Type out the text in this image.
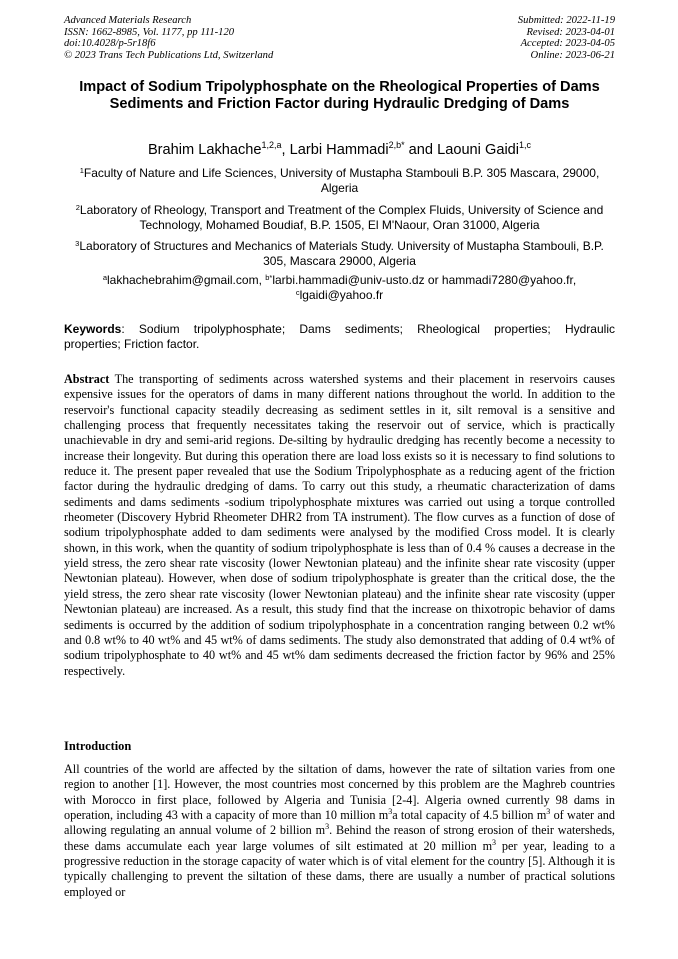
Advanced Materials Research
ISSN: 1662-8985, Vol. 1177, pp 111-120
doi:10.4028/p-5r18f6
© 2023 Trans Tech Publications Ltd, Switzerland
Submitted: 2022-11-19
Revised: 2023-04-01
Accepted: 2023-04-05
Online: 2023-06-21
Impact of Sodium Tripolyphosphate on the Rheological Properties of Dams Sediments and Friction Factor during Hydraulic Dredging of Dams
Brahim Lakhache$^{1,2,a}$, Larbi Hammadi$^{2,b*}$ and Laouni Gaidi$^{1,c}$
$^1$Faculty of Nature and Life Sciences, University of Mustapha Stambouli B.P. 305 Mascara, 29000, Algeria
$^2$Laboratory of Rheology, Transport and Treatment of the Complex Fluids, University of Science and Technology, Mohamed Boudiaf, B.P. 1505, El M'Naour, Oran 31000, Algeria
$^3$Laboratory of Structures and Mechanics of Materials Study. University of Mustapha Stambouli, B.P. 305, Mascara 29000, Algeria
$^a$lakhachebrahim@gmail.com, $^{b*}$larbi.hammadi@univ-usto.dz or hammadi7280@yahoo.fr,
$^c$lgaidi@yahoo.fr
Keywords: Sodium tripolyphosphate; Dams sediments; Rheological properties; Hydraulic
properties; Friction factor.
Abstract The transporting of sediments across watershed systems and their placement in reservoirs causes expensive issues for the operators of dams in many different nations throughout the world. In addition to the reservoir's functional capacity steadily decreasing as sediment settles in it, silt removal is a sensitive and challenging process that frequently necessitates taking the reservoir out of service, which is practically unachievable in dry and semi-arid regions. De-silting by hydraulic dredging has recently become a necessity to increase their longevity. But during this operation there are load loss exists so it is necessary to find solutions to reduce it. The present paper revealed that use the Sodium Tripolyphosphate as a reducing agent of the friction factor during the hydraulic dredging of dams. To carry out this study, a rheumatic characterization of dams sediments and dams sediments -sodium tripolyphosphate mixtures was carried out using a torque controlled rheometer (Discovery Hybrid Rheometer DHR2 from TA instrument). The flow curves as a function of dose of sodium tripolyphosphate added to dam sediments were analysed by the modified Cross model. It is clearly shown, in this work, when the quantity of sodium tripolyphosphate is less than of 0.4 % causes a decrease in the yield stress, the zero shear rate viscosity (lower Newtonian plateau) and the infinite shear rate viscosity (upper Newtonian plateau). However, when dose of sodium tripolyphosphate is greater than the critical dose, the the yield stress, the zero shear rate viscosity (lower Newtonian plateau) and the infinite shear rate viscosity (upper Newtonian plateau) are increased. As a result, this study find that the increase on thixotropic behavior of dams sediments is occurred by the addition of sodium tripolyphosphate in a concentration ranging between 0.2 wt% and 0.8 wt% to 40 wt% and 45 wt% of dams sediments. The study also demonstrated that adding of 0.4 wt% of sodium tripolyphosphate to 40 wt% and 45 wt% dam sediments decreased the friction factor by 96% and 25% respectively.
Introduction
All countries of the world are affected by the siltation of dams, however the rate of siltation varies from one region to another [1]. However, the most countries most concerned by this problem are the Maghreb countries with Morocco in first place, followed by Algeria and Tunisia [2-4]. Algeria owned currently 98 dams in operation, including 43 with a capacity of more than 10 million $m^3a$ total capacity of 4.5 billion $m^3$ of water and allowing regulating an annual volume of 2 billion $m^3$. Behind the reason of strong erosion of their watersheds, these dams accumulate each year large volumes of silt estimated at 20 million $m^3$ per year, leading to a progressive reduction in the storage capacity of water which is of vital element for the country [5]. Although it is typically challenging to prevent the siltation of these dams, there are usually a number of practical solutions employed or
